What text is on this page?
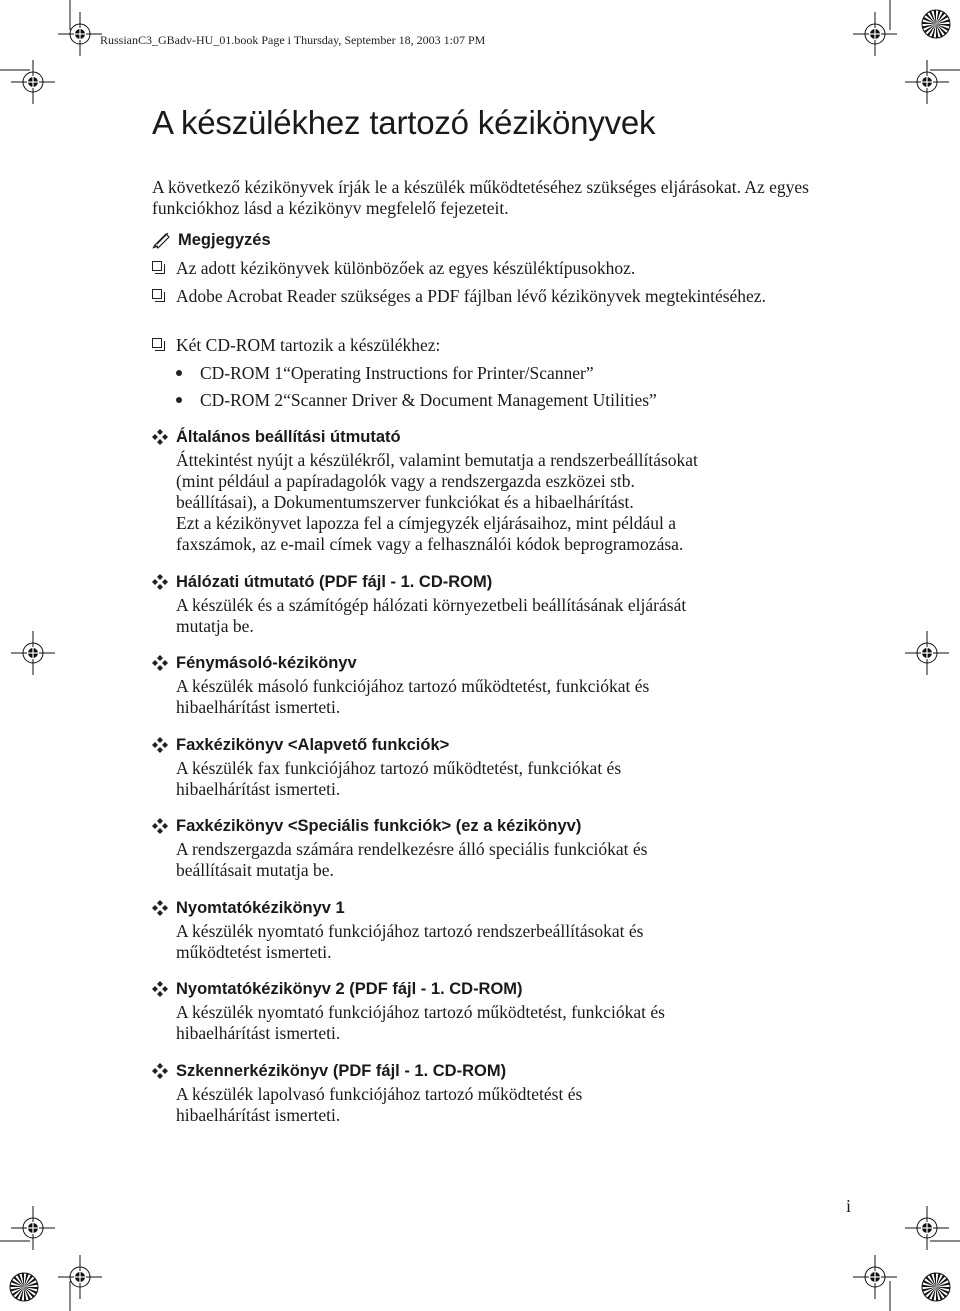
RussianC3_GBadv-HU_01.book Page i Thursday, September 18, 2003 1:07 PM
A készülékhez tartozó kézikönyvek

A következő kézikönyvek írják le a készülék működtetéséhez szükséges eljárásokat. Az egyes funkciókhoz lásd a kézikönyv megfelelő fejezeteit.

Megjegyzés
Az adott kézikönyvek különbözőek az egyes készüléktípusokhoz.
Adobe Acrobat Reader szükséges a PDF fájlban lévő kézikönyvek megtekintéséhez.
Két CD-ROM tartozik a készülékhez:
CD-ROM 1“Operating Instructions for Printer/Scanner”
CD-ROM 2“Scanner Driver & Document Management Utilities”
Általános beállítási útmutató
Áttekintést nyújt a készülékről, valamint bemutatja a rendszerbeállításokat
(mint például a papíradagolók vagy a rendszergazda eszközei stb.
beállításai), a Dokumentumszerver funkciókat és a hibaelhárítást.
Ezt a kézikönyvet lapozza fel a címjegyzék eljárásaihoz, mint például a
faxszámok, az e-mail címek vagy a felhasználói kódok beprogramozása.
Hálózati útmutató (PDF fájl - 1. CD-ROM)
A készülék és a számítógép hálózati környezetbeli beállításának eljárását
mutatja be.
Fénymásoló-kézikönyv
A készülék másoló funkciójához tartozó működtetést, funkciókat és
hibaelhárítást ismerteti.
Faxkézikönyv <Alapvető funkciók>
A készülék fax funkciójához tartozó működtetést, funkciókat és
hibaelhárítást ismerteti.
Faxkézikönyv <Speciális funkciók> (ez a kézikönyv)
A rendszergazda számára rendelkezésre álló speciális funkciókat és
beállításait mutatja be.
Nyomtatókézikönyv 1
A készülék nyomtató funkciójához tartozó rendszerbeállításokat és
működtetést ismerteti.
Nyomtatókézikönyv 2 (PDF fájl - 1. CD-ROM)
A készülék nyomtató funkciójához tartozó működtetést, funkciókat és
hibaelhárítást ismerteti.
Szkennerkézikönyv (PDF fájl - 1. CD-ROM)
A készülék lapolvasó funkciójához tartozó működtetést és
hibaelhárítást ismerteti.
i
